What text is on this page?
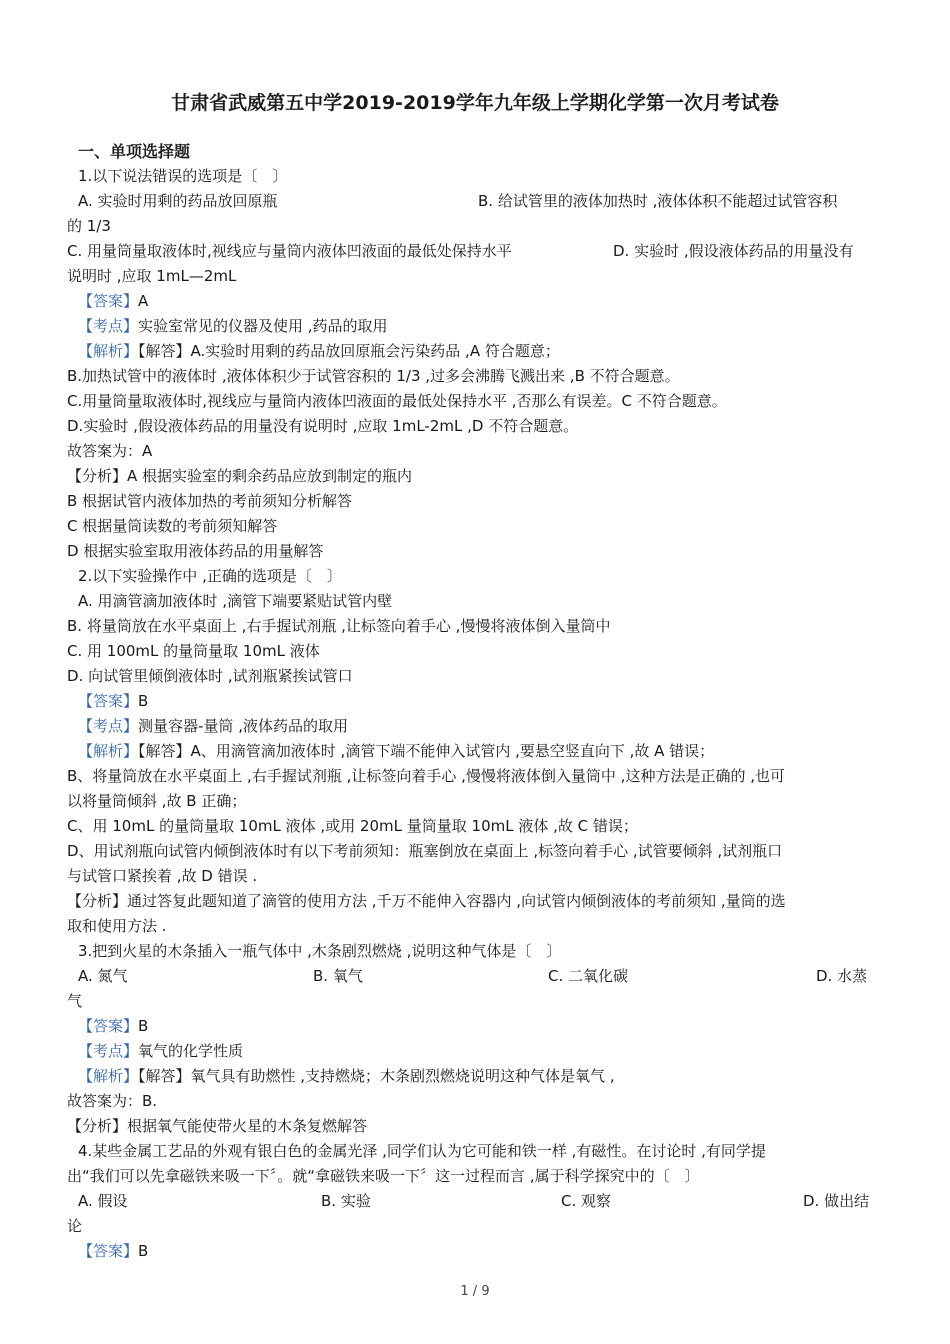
甘肃省武威第五中学2019-2019学年九年级上学期化学第一次月考试卷
一、单项选择题
1.以下说法错误的选项是〔　〕
A. 实验时用剩的药品放回原瓶	B. 给试管里的液体加热时 ,液体体积不能超过试管容积
的 1/3
C. 用量筒量取液体时,视线应与量筒内液体凹液面的最低处保持水平	D. 实验时 ,假设液体药品的用量没有
说明时 ,应取 1mL—2mL
【答案】A
【考点】实验室常见的仪器及使用 ,药品的取用
【解析】【解答】A.实验时用剩的药品放回原瓶会污染药品 ,A 符合题意；
B.加热试管中的液体时 ,液体体积少于试管容积的 1/3 ,过多会沸腾飞溅出来 ,B 不符合题意。
C.用量筒量取液体时,视线应与量筒内液体凹液面的最低处保持水平 ,否那么有误差。C 不符合题意。
D.实验时 ,假设液体药品的用量没有说明时 ,应取 1mL-2mL ,D 不符合题意。
故答案为：A
【分析】A 根据实验室的剩余药品应放到制定的瓶内
B 根据试管内液体加热的考前须知分析解答
C 根据量筒读数的考前须知解答
D 根据实验室取用液体药品的用量解答
2.以下实验操作中 ,正确的选项是〔　〕
A. 用滴管滴加液体时 ,滴管下端要紧贴试管内壁
B. 将量筒放在水平桌面上 ,右手握试剂瓶 ,让标签向着手心 ,慢慢将液体倒入量筒中
C. 用 100mL 的量筒量取 10mL 液体
D. 向试管里倾倒液体时 ,试剂瓶紧挨试管口
【答案】B
【考点】测量容器-量筒 ,液体药品的取用
【解析】【解答】A、用滴管滴加液体时 ,滴管下端不能伸入试管内 ,要悬空竖直向下 ,故 A 错误；
B、将量筒放在水平桌面上 ,右手握试剂瓶 ,让标签向着手心 ,慢慢将液体倒入量筒中 ,这种方法是正确的 ,也可
以将量筒倾斜 ,故 B 正确；
C、用 10mL 的量筒量取 10mL 液体 ,或用 20mL 量筒量取 10mL 液体 ,故 C 错误；
D、用试剂瓶向试管内倾倒液体时有以下考前须知：瓶塞倒放在桌面上 ,标签向着手心 ,试管要倾斜 ,试剂瓶口
与试管口紧挨着 ,故 D 错误 .
【分析】通过答复此题知道了滴管的使用方法 ,千万不能伸入容器内 ,向试管内倾倒液体的考前须知 ,量筒的选
取和使用方法 .
3.把到火星的木条插入一瓶气体中 ,木条剧烈燃烧 ,说明这种气体是〔　〕
A. 氮气	B. 氧气	C. 二氧化碳	D. 水蒸
气
【答案】B
【考点】氧气的化学性质
【解析】【解答】氧气具有助燃性 ,支持燃烧；木条剧烈燃烧说明这种气体是氧气 ,
故答案为：B.
【分析】根据氧气能使带火星的木条复燃解答
4.某些金属工艺品的外观有银白色的金属光泽 ,同学们认为它可能和铁一样 ,有磁性。在讨论时 ,有同学提
出“我们可以先拿磁铁来吸一下〞。就“拿磁铁来吸一下〞这一过程而言 ,属于科学探究中的〔　〕
A. 假设	B. 实验	C. 观察	D. 做出结
论
【答案】B
1 / 9
